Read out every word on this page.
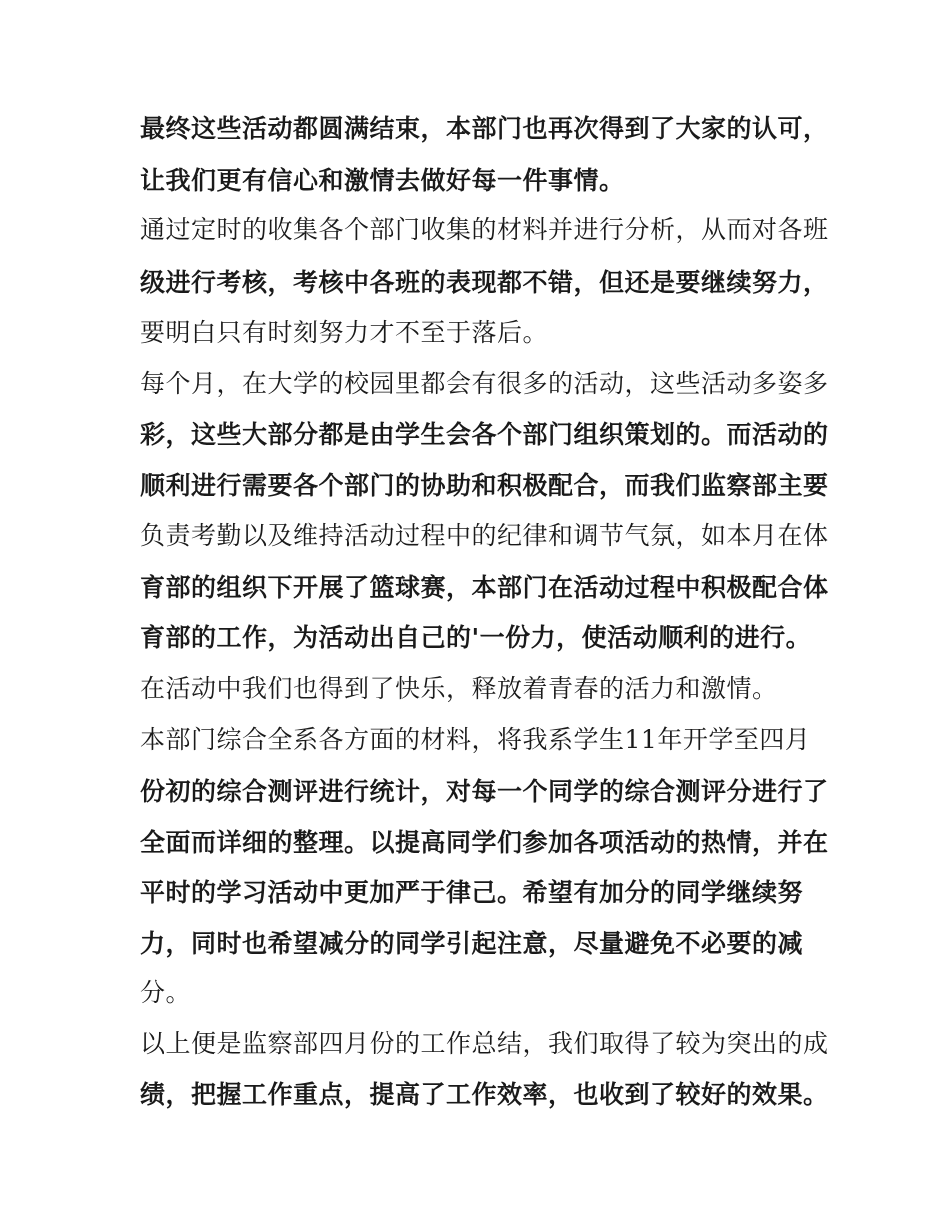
最终这些活动都圆满结束，本部门也再次得到了大家的认可，
让我们更有信心和激情去做好每一件事情。
通过定时的收集各个部门收集的材料并进行分析，从而对各班
级进行考核，考核中各班的表现都不错，但还是要继续努力，
要明白只有时刻努力才不至于落后。
每个月，在大学的校园里都会有很多的活动，这些活动多姿多
彩，这些大部分都是由学生会各个部门组织策划的。而活动的
顺利进行需要各个部门的协助和积极配合，而我们监察部主要
负责考勤以及维持活动过程中的纪律和调节气氛，如本月在体
育部的组织下开展了篮球赛，本部门在活动过程中积极配合体
育部的工作，为活动出自己的'一份力，使活动顺利的进行。
在活动中我们也得到了快乐，释放着青春的活力和激情。
本部门综合全系各方面的材料，将我系学生11年开学至四月
份初的综合测评进行统计，对每一个同学的综合测评分进行了
全面而详细的整理。以提高同学们参加各项活动的热情，并在
平时的学习活动中更加严于律己。希望有加分的同学继续努
力，同时也希望减分的同学引起注意，尽量避免不必要的减
分。
以上便是监察部四月份的工作总结，我们取得了较为突出的成
绩，把握工作重点，提高了工作效率，也收到了较好的效果。
